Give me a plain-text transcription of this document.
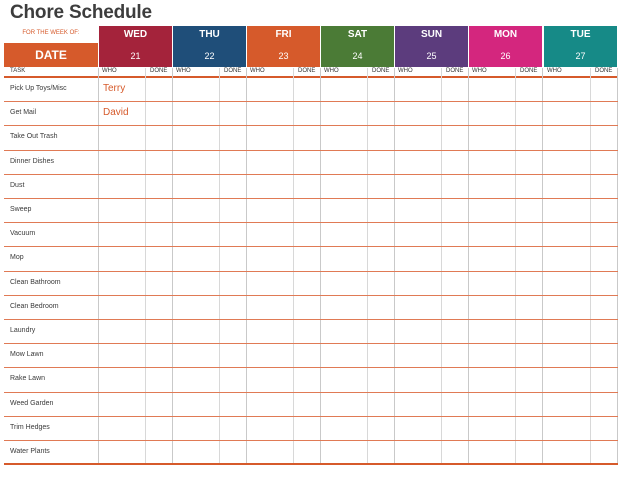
Chore Schedule
FOR THE WEEK OF:
DATE
WED
21
THU
22
FRI
23
SAT
24
SUN
25
MON
26
TUE
27
TASK	WHO	DONE WHO	DONE WHO	DONE WHO	DONE WHO	DONE WHO	DONE WHO	DONE
Pick Up Toys/Misc	Terry
Get Mail	David
Take Out Trash
Dinner Dishes
Dust
Sweep
Vacuum
Mop
Clean Bathroom
Clean Bedroom
Laundry
Mow Lawn
Rake Lawn
Weed Garden
Trim Hedges
Water Plants
